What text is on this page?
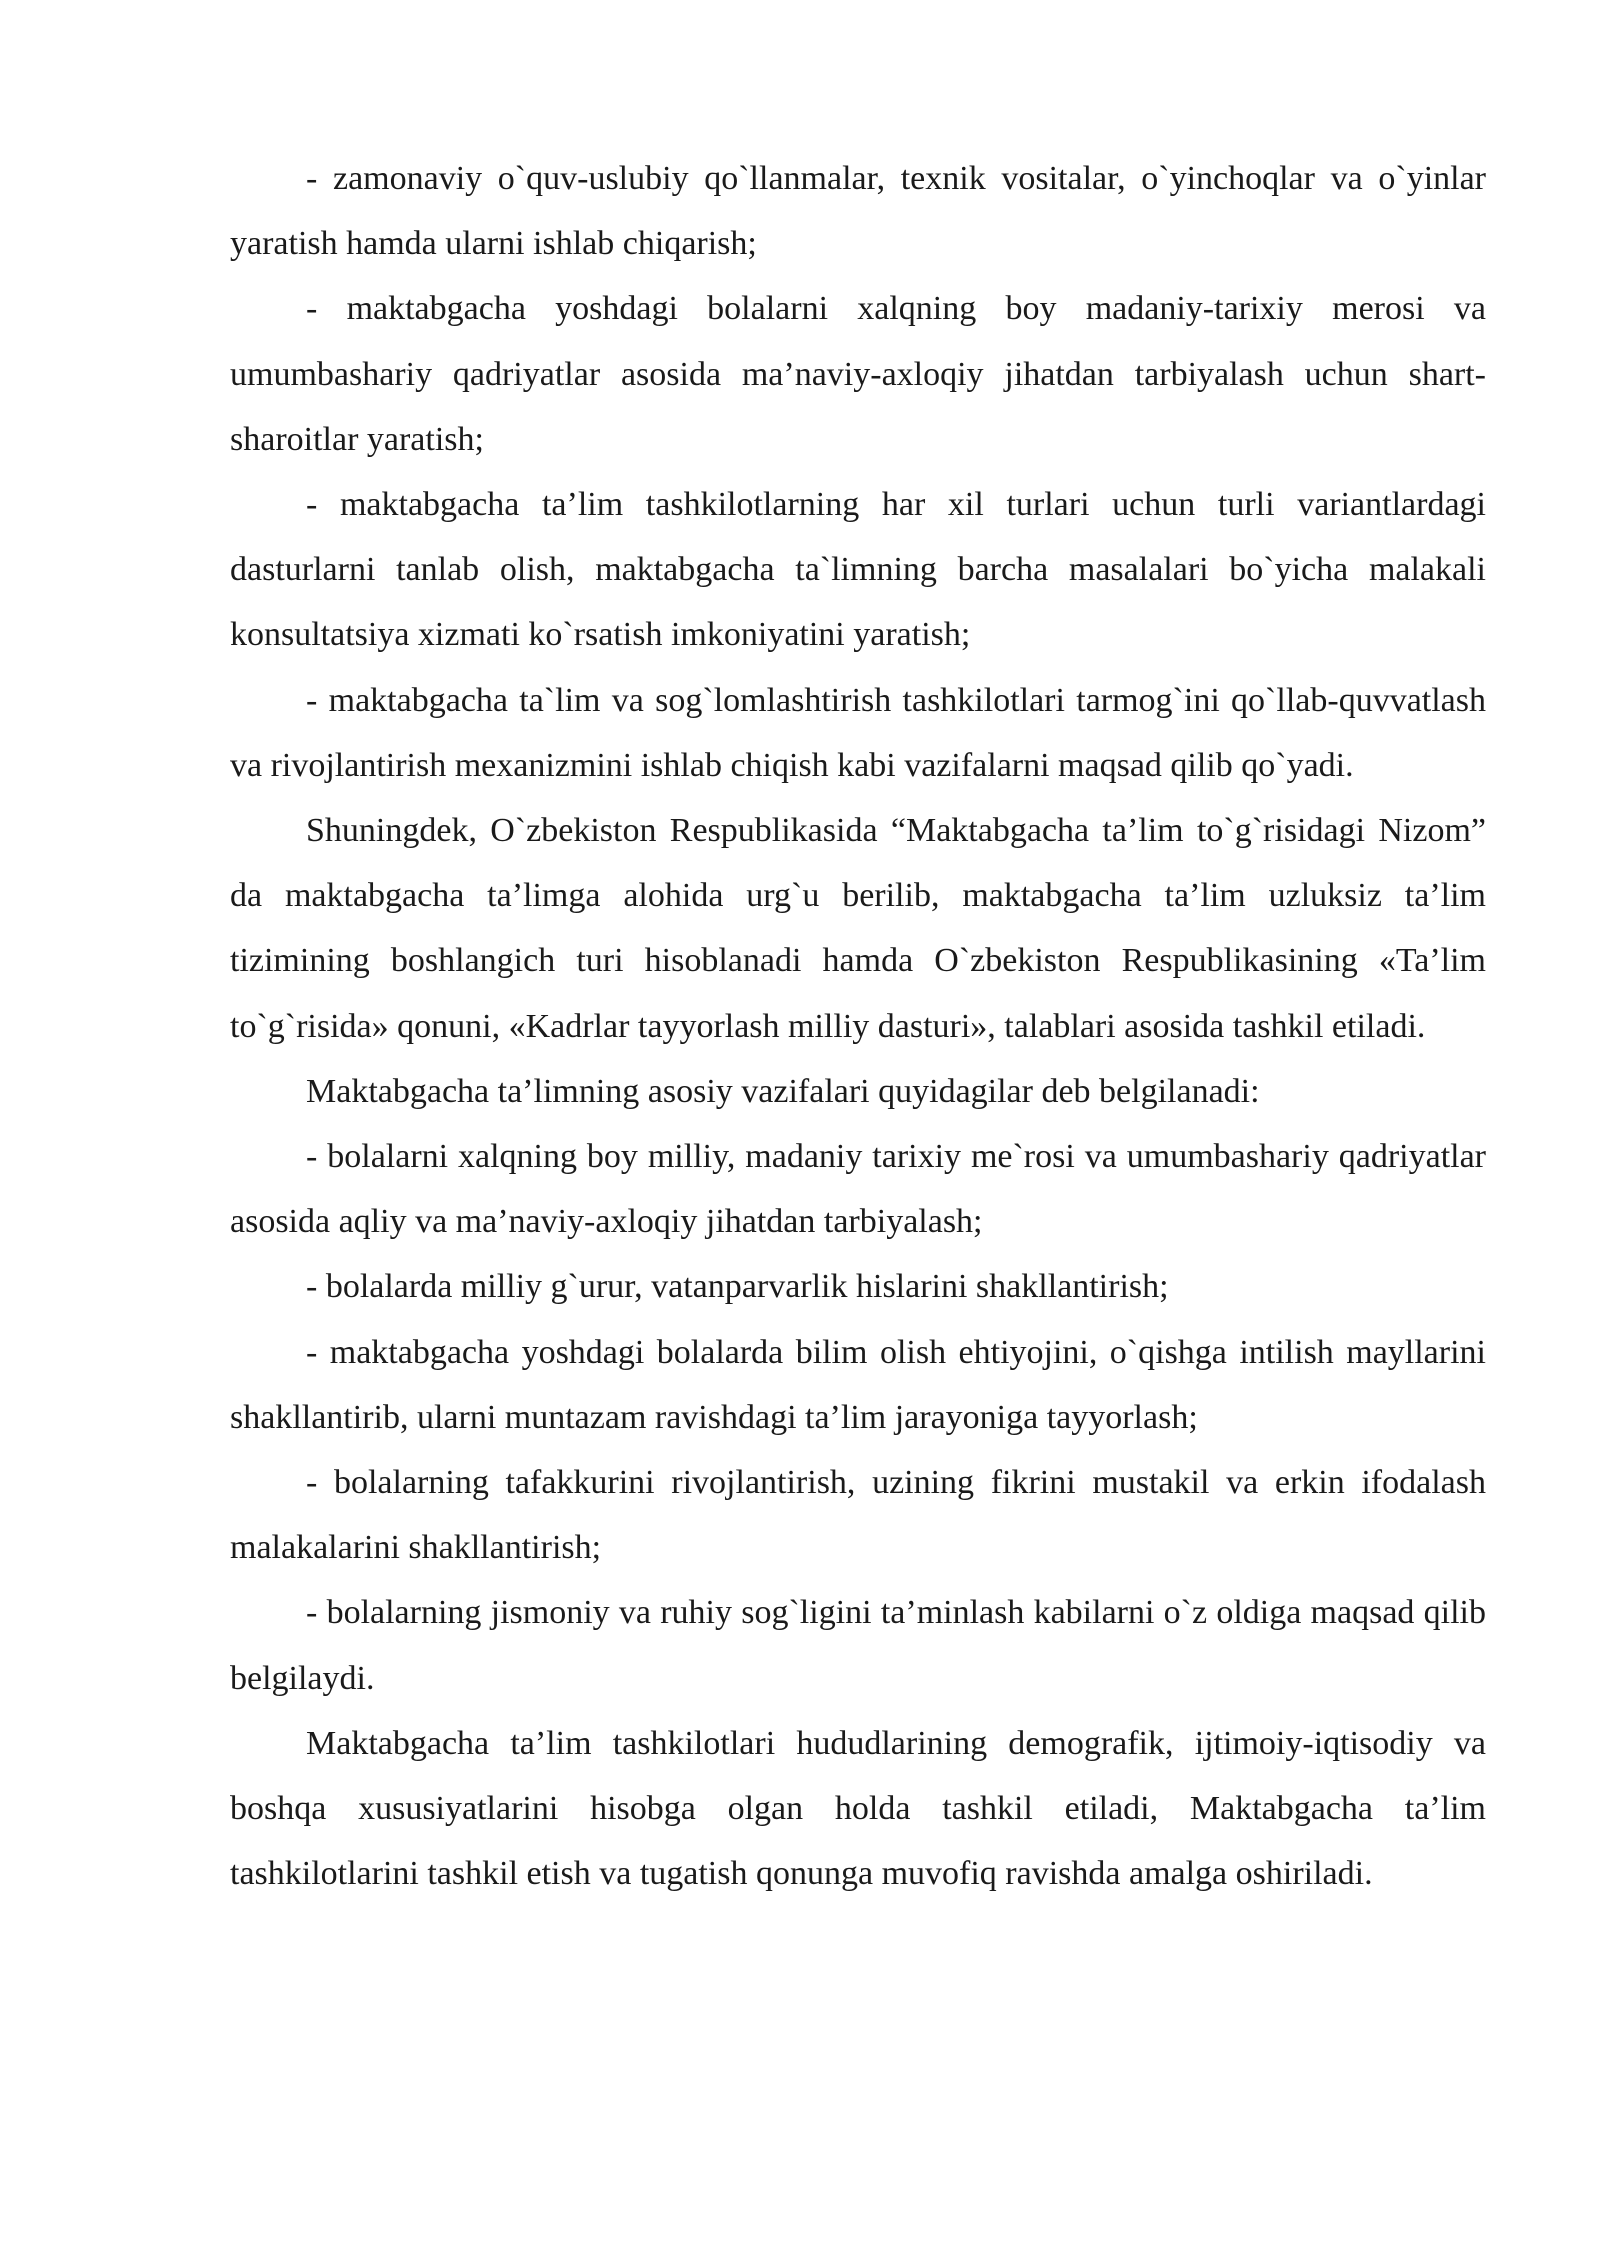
- zamonaviy o`quv-uslubiy qo`llanmalar, texnik vositalar, o`yinchoqlar va o`yinlar yaratish hamda ularni ishlab chiqarish;

- maktabgacha yoshdagi bolalarni xalqning boy madaniy-tarixiy merosi va umumbashariy qadriyatlar asosida ma’naviy-axloqiy jihatdan tarbiyalash uchun shart-sharoitlar yaratish;

- maktabgacha ta’lim tashkilotlarning har xil turlari uchun turli variantlardagi dasturlarni tanlab olish, maktabgacha ta`limning barcha masalalari bo`yicha malakali konsultatsiya xizmati ko`rsatish imkoniyatini yaratish;

- maktabgacha ta`lim va sog`lomlashtirish tashkilotlari tarmog`ini qo`llab-quvvatlash va rivojlantirish mexanizmini ishlab chiqish kabi vazifalarni maqsad qilib qo`yadi.

Shuningdek, O`zbekiston Respublikasida “Maktabgacha ta’lim to`g`risidagi Nizom” da maktabgacha ta’limga alohida urg`u berilib, maktabgacha ta’lim uzluksiz ta’lim tizimining boshlangich turi hisoblanadi hamda O`zbekiston Respublikasining «Ta’lim to`g`risida» qonuni, «Kadrlar tayyorlash milliy dasturi», talablari asosida tashkil etiladi.

Maktabgacha ta’limning asosiy vazifalari quyidagilar deb belgilanadi:

- bolalarni xalqning boy milliy, madaniy tarixiy me`rosi va umumbashariy qadriyatlar asosida aqliy va ma’naviy-axloqiy jihatdan tarbiyalash;

- bolalarda milliy g`urur, vatanparvarlik hislarini shakllantirish;

- maktabgacha yoshdagi bolalarda bilim olish ehtiyojini, o`qishga intilish mayllarini shakllantirib, ularni muntazam ravishdagi ta’lim jarayoniga tayyorlash;

- bolalarning tafakkurini rivojlantirish, uzining fikrini mustakil va erkin ifodalash malakalarini shakllantirish;

- bolalarning jismoniy va ruhiy sog`ligini ta’minlash kabilarni o`z oldiga maqsad qilib belgilaydi.

Maktabgacha ta’lim tashkilotlari hududlarining demografik, ijtimoiy-iqtisodiy va boshqa xususiyatlarini hisobga olgan holda tashkil etiladi, Maktabgacha ta’lim tashkilotlarini tashkil etish va tugatish qonunga muvofiq ravishda amalga oshiriladi.
